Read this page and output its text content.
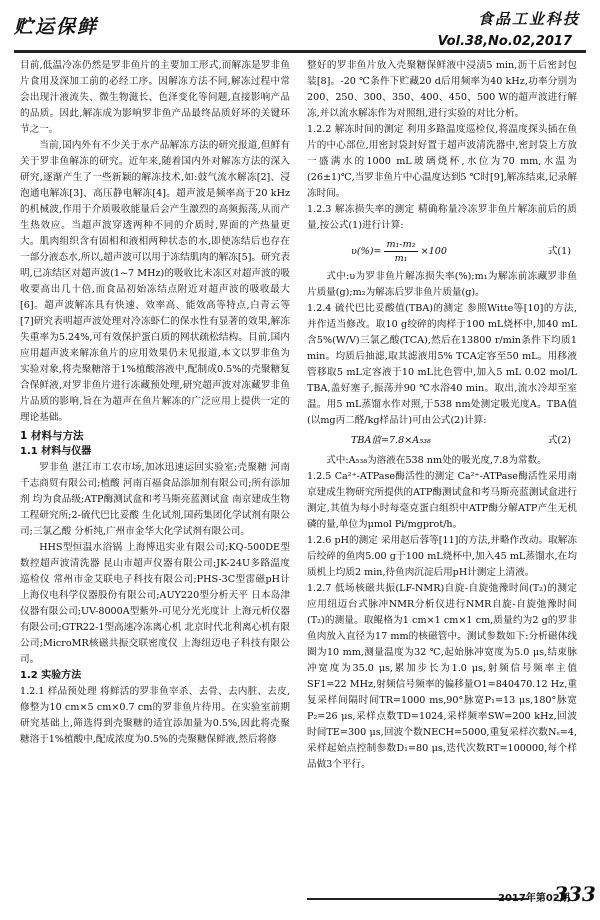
贮运保鲜	食品工业科技
Vol.38,No.02,2017

目前,低温冷冻仍然是罗非鱼片的主要加工形式,而解冻是罗非鱼片食用及深加工前的必经工序。因解冻方法不同,解冻过程中常会出现汁液流失、微生物滋长、色泽变化等问题,直接影响产品的品质。因此,解冻成为影响罗非鱼产品最终品质好坏的关键环节之一。

当前,国内外有不少关于水产品解冻方法的研究报道,但鲜有关于罗非鱼解冻的研究。近年来,随着国内外对解冻方法的深入研究,逐渐产生了一些新颖的解冻技术,如:鼓气流水解冻[2]、浸泡通电解冻[3]、高压静电解冻[4]。超声波是频率高于20 kHz的机械波,作用于介质吸收能量后会产生激烈的高频振荡,从而产生热效应。当超声波穿透两种不同的介质时,界面的产热量更大。肌肉组织含有固相和液相两种状态的水,即使冻结后也存在一部分液态水,所以,超声波可以用于冻结肌肉的解冻[5]。研究表明,已冻结区对超声波(1~7 MHz)的吸收比未冻区对超声波的吸收要高出几十倍,而食品初始冻结点附近对超声波的吸收最大[6]。超声波解冻具有快速、效率高、能效高等特点,白青云等[7]研究表明超声波处理对冷冻虾仁的保水性有显著的效果,解冻失重率为5.24%,可有效保护蛋白质的网状疏松结构。目前,国内应用超声波来解冻鱼片的应用效果仍未见报道,本文以罗非鱼为实验对象,将壳聚糖溶于1%植酸溶液中,配制成0.5%的壳聚糖复合保鲜液,对罗非鱼片进行冻藏预处理,研究超声波对冻藏罗非鱼片品质的影响,旨在为超声在鱼片解冻的广泛应用上提供一定的理论基础。

1 材料与方法
1.1 材料与仪器

罗非鱼 湛江市工农市场,加冰迅速运回实验室;壳聚糖 河南千志商贸有限公司;植酸 河南百福食品添加剂有限公司;所有添加剂 均为食品级;ATP酶测试盒和考马斯亮蓝测试盒 南京建成生物工程研究所;2-硫代巴比妥酸 生化试剂,国药集团化学试剂有限公司;三氯乙酸 分析纯,广州市金华大化学试剂有限公司。

HHS型恒温水浴锅 上海博迅实业有限公司;KQ-500DE型数控超声波清洗器 昆山市超声仪器有限公司;JK-24U多路温度巡检仪 常州市金艾联电子科技有限公司;PHS-3C型雷磁pH计 上海仪电科学仪器股份有限公司;AUY220型分析天平 日本岛津仪器有限公司;UV-8000A型紫外-可见分光光度计 上海元析仪器有限公司;GTR22-1型高速冷冻离心机 北京时代北利离心机有限公司;MicroMR核磁共振交联密度仪 上海纽迈电子科技有限公司。

1.2 实验方法

1.2.1 样品预处理 将鲜活的罗非鱼宰杀、去骨、去内脏、去皮,修整为10 cm×5 cm×0.7 cm的罗非鱼片待用。在实验室前期研究基础上,筛选得到壳聚糖的适宜添加量为0.5%,因此将壳聚糖溶于1%植酸中,配成浓度为0.5%的壳聚糖保鲜液,然后将修

整好的罗非鱼片放入壳聚糖保鲜液中浸渍5 min,沥干后密封包装[8]。-20 ℃条件下贮藏20 d后用频率为40 kHz,功率分别为200、250、300、350、400、450、500 W的超声波进行解冻,并以流水解冻作为对照组,进行实验的对比分析。

1.2.2 解冻时间的测定 利用多路温度巡检仪,将温度探头插在鱼片的中心部位,用密封袋封好置于超声波清洗器中,密封袋上方放一盛满水的1000 mL玻璃烧杯,水位为70 mm,水温为(26±1)℃,当罗非鱼片中心温度达到5 ℃时[9],解冻结束,记录解冻时间。

1.2.3 解冻损失率的测定 精确称量冷冻罗非鱼片解冻前后的质量,按公式(1)进行计算:

$\upsilon(\%)= \frac{\text{m₁-m₂}}{\text{m₁}} \times 100$	式(1)

式中:υ为罗非鱼片解冻损失率(%);m₁为解冻前冻藏罗非鱼片质量(g);m₂为解冻后罗非鱼片质量(g)。

1.2.4 硫代巴比妥酸值(TBA)的测定 参照Witte等[10]的方法,并作适当修改。取10 g绞碎的肉样于100 mL烧杯中,加40 mL含5%(W/V)三氯乙酸(TCA),然后在13800 r/min条件下均质1 min。均质后抽滤,取其滤液用5% TCA定容至50 mL。用移液管移取5 mL定容液于10 mL比色管中,加入5 mL 0.02 mol/L TBA,盖好塞子,振荡并90 ℃水浴40 min。取出,流水冷却至室温。用5 mL蒸馏水作对照,于538 nm处测定吸光度A。TBA值(以mg丙二醛/kg样品计)可由公式(2)计算:

TBA值=7.8×A₅₃₈	式(2)

式中:A₅₃₈为溶液在538 nm处的吸光度,7.8为常数。

1.2.5 Ca²⁺-ATPase酶活性的测定 Ca²⁺-ATPase酶活性采用南京建成生物研究所提供的ATP酶测试盒和考马斯亮蓝测试盒进行测定,其值为每小时每毫克蛋白组织中ATP酶分解ATP产生无机磷的量,单位为μmol Pi/mgprot/h。

1.2.6 pH的测定 采用赵后蓉等[11]的方法,并略作改动。取解冻后绞碎的鱼肉5.00 g于100 mL烧杯中,加入45 mL蒸馏水,在均质机上均质2 min,待鱼肉沉淀后用pH计测定上清液。

1.2.7 低场核磁共振(LF-NMR)自旋-自旋弛豫时间(T₂)的测定 应用纽迈台式脉冲NMR分析仪进行NMR自旋-自旋弛豫时间(T₂)的测量。取鲲格为1 cm×1 cm×1 cm,质量约为2 g的罗非鱼肉放入直径为17 mm的核磁管中。测试参数如下:分析磁体线圈为10 mm,测量温度为32 ℃,起始脉冲宽度为5.0 μs,结束脉冲宽度为35.0 μs,累加步长为1.0 μs,射频信号频率主值SF1=22 MHz,射频信号频率的偏移量O1=840470.12 Hz,重复采样间隔时间TR=1000 ms,90°脉宽P₁=13 μs,180°脉宽P₂=26 μs,采样点数TD=1024,采样频率SW=200 kHz,回波时间TE=300 μs,回波个数NECH=5000,重复采样次数Nₛ=4,采样起始点控制参数D₁=80 μs,迭代次数RT=100000,每个样品做3个平行。

2017年第02期
333
